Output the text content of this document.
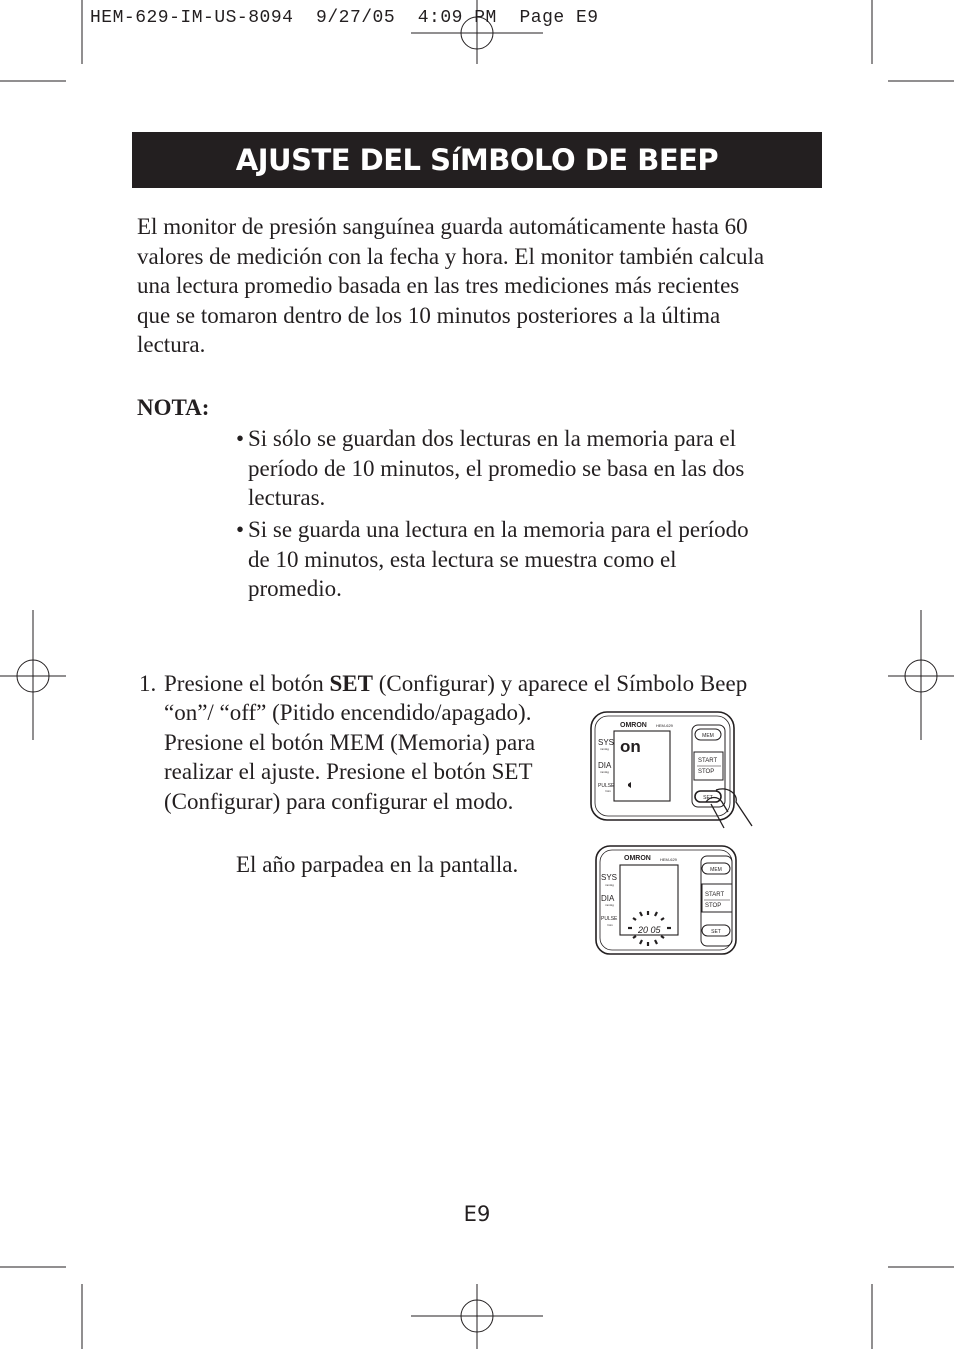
HEM-629-IM-US-8094  9/27/05  4:09 PM  Page E9
AJUSTE DEL SíMBOLO DE BEEP
El monitor de presión sanguínea guarda automáticamente hasta 60
valores de medición con la fecha y hora. El monitor también calcula
una lectura promedio basada en las tres mediciones más recientes
que se tomaron dentro de los 10 minutos posteriores a la última
lectura.
NOTA:
• Si sólo se guardan dos lecturas en la memoria para el
período de 10 minutos, el promedio se basa en las dos
lecturas.
• Si se guarda una lectura en la memoria para el período
de 10 minutos, esta lectura se muestra como el
promedio.
1. Presione el botón SET (Configurar) y aparece el Símbolo Beep
“on”/ “off” (Pitido encendido/apagado).
Presione el botón MEM (Memoria) para
realizar el ajuste. Presione el botón SET
(Configurar) para configurar el modo.
El año parpadea en la pantalla.
OMRON HEM-629
SYS
mmHg
DIA
mmHg
PULSE
/min
on
MEM
START
STOP
SET
OMRON HEM-629
SYS
mmHg
DIA
mmHg
PULSE
/min	20 05
MEM
START
STOP
SET
E9
